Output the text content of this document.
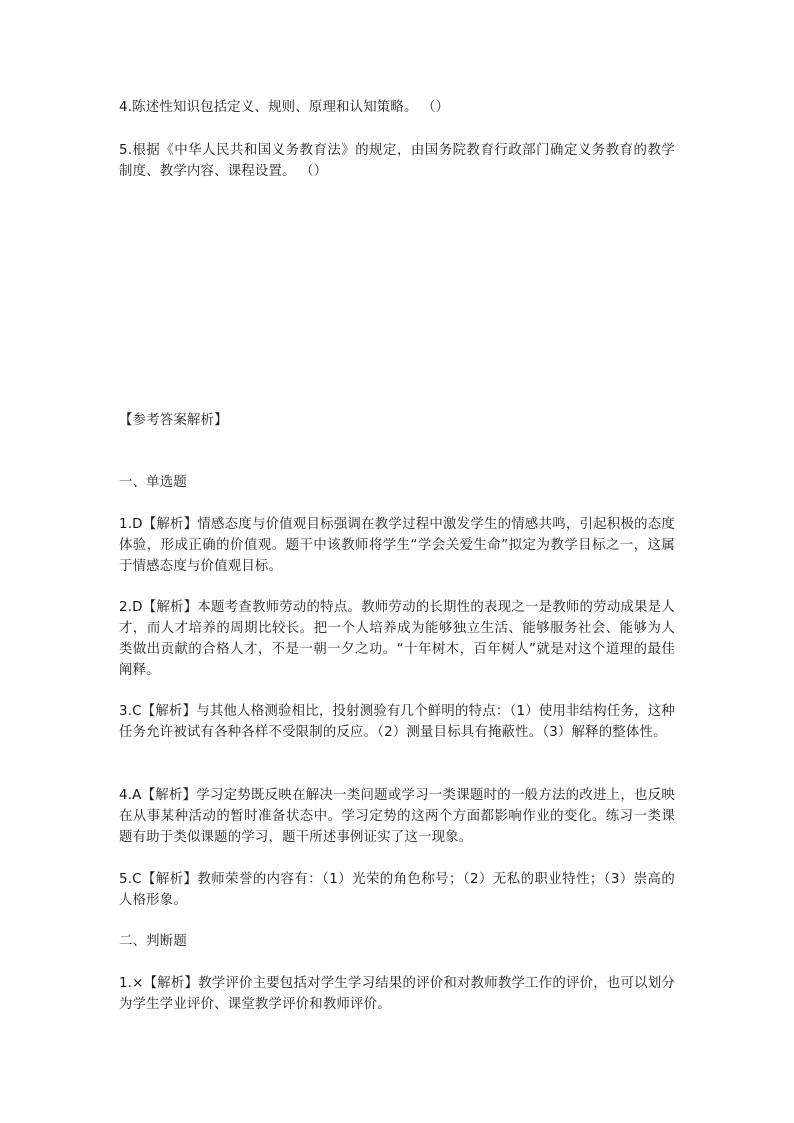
4.陈述性知识包括定义、规则、原理和认知策略。 （）

5.根据《中华人民共和国义务教育法》的规定，由国务院教育行政部门确定义务教育的教学制度、教学内容、课程设置。 （）

【参考答案解析】

一、单选题

1.D【解析】情感态度与价值观目标强调在教学过程中激发学生的情感共鸣，引起积极的态度体验，形成正确的价值观。题干中该教师将学生“学会关爱生命”拟定为教学目标之一，这属于情感态度与价值观目标。

2.D【解析】本题考查教师劳动的特点。教师劳动的长期性的表现之一是教师的劳动成果是人才，而人才培养的周期比较长。把一个人培养成为能够独立生活、能够服务社会、能够为人类做出贡献的合格人才，不是一朝一夕之功。“十年树木，百年树人”就是对这个道理的最佳阐释。

3.C【解析】与其他人格测验相比，投射测验有几个鲜明的特点：（1）使用非结构任务，这种任务允许被试有各种各样不受限制的反应。（2）测量目标具有掩蔽性。（3）解释的整体性。

4.A【解析】学习定势既反映在解决一类问题或学习一类课题时的一般方法的改进上，也反映在从事某种活动的暂时准备状态中。学习定势的这两个方面都影响作业的变化。练习一类课题有助于类似课题的学习，题干所述事例证实了这一现象。

5.C【解析】教师荣誉的内容有：（1）光荣的角色称号；（2）无私的职业特性；（3）崇高的人格形象。

二、判断题

1.×【解析】教学评价主要包括对学生学习结果的评价和对教师教学工作的评价，也可以划分为学生学业评价、课堂教学评价和教师评价。
